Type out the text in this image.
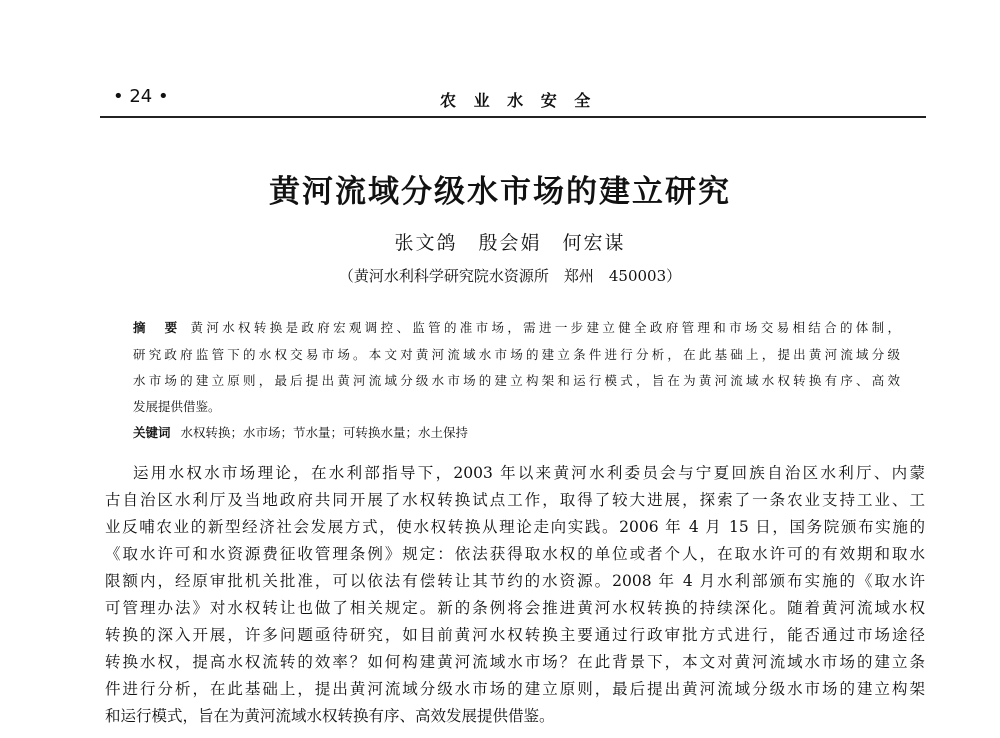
• 24 •	农 业 水 安 全
黄河流域分级水市场的建立研究
张文鸽　殷会娟　何宏谋
（黄河水利科学研究院水资源所　郑州　450003）
摘　要 黄河水权转换是政府宏观调控、监管的准市场，需进一步建立健全政府管理和市场交易相结合的体制，
研究政府监管下的水权交易市场。本文对黄河流域水市场的建立条件进行分析，在此基础上，提出黄河流域分级
水市场的建立原则，最后提出黄河流域分级水市场的建立构架和运行模式，旨在为黄河流域水权转换有序、高效
发展提供借鉴。
关键词 水权转换；水市场；节水量；可转换水量；水土保持
运用水权水市场理论，在水利部指导下，2003 年以来黄河水利委员会与宁夏回族自治区水利厅、内蒙
古自治区水利厅及当地政府共同开展了水权转换试点工作，取得了较大进展，探索了一条农业支持工业、工
业反哺农业的新型经济社会发展方式，使水权转换从理论走向实践。2006 年 4 月 15 日，国务院颁布实施的
《取水许可和水资源费征收管理条例》规定：依法获得取水权的单位或者个人，在取水许可的有效期和取水
限额内，经原审批机关批准，可以依法有偿转让其节约的水资源。2008 年 4 月水利部颁布实施的《取水许
可管理办法》对水权转让也做了相关规定。新的条例将会推进黄河水权转换的持续深化。随着黄河流域水权
转换的深入开展，许多问题亟待研究，如目前黄河水权转换主要通过行政审批方式进行，能否通过市场途径
转换水权，提高水权流转的效率？如何构建黄河流域水市场？在此背景下，本文对黄河流域水市场的建立条
件进行分析，在此基础上，提出黄河流域分级水市场的建立原则，最后提出黄河流域分级水市场的建立构架
和运行模式，旨在为黄河流域水权转换有序、高效发展提供借鉴。
